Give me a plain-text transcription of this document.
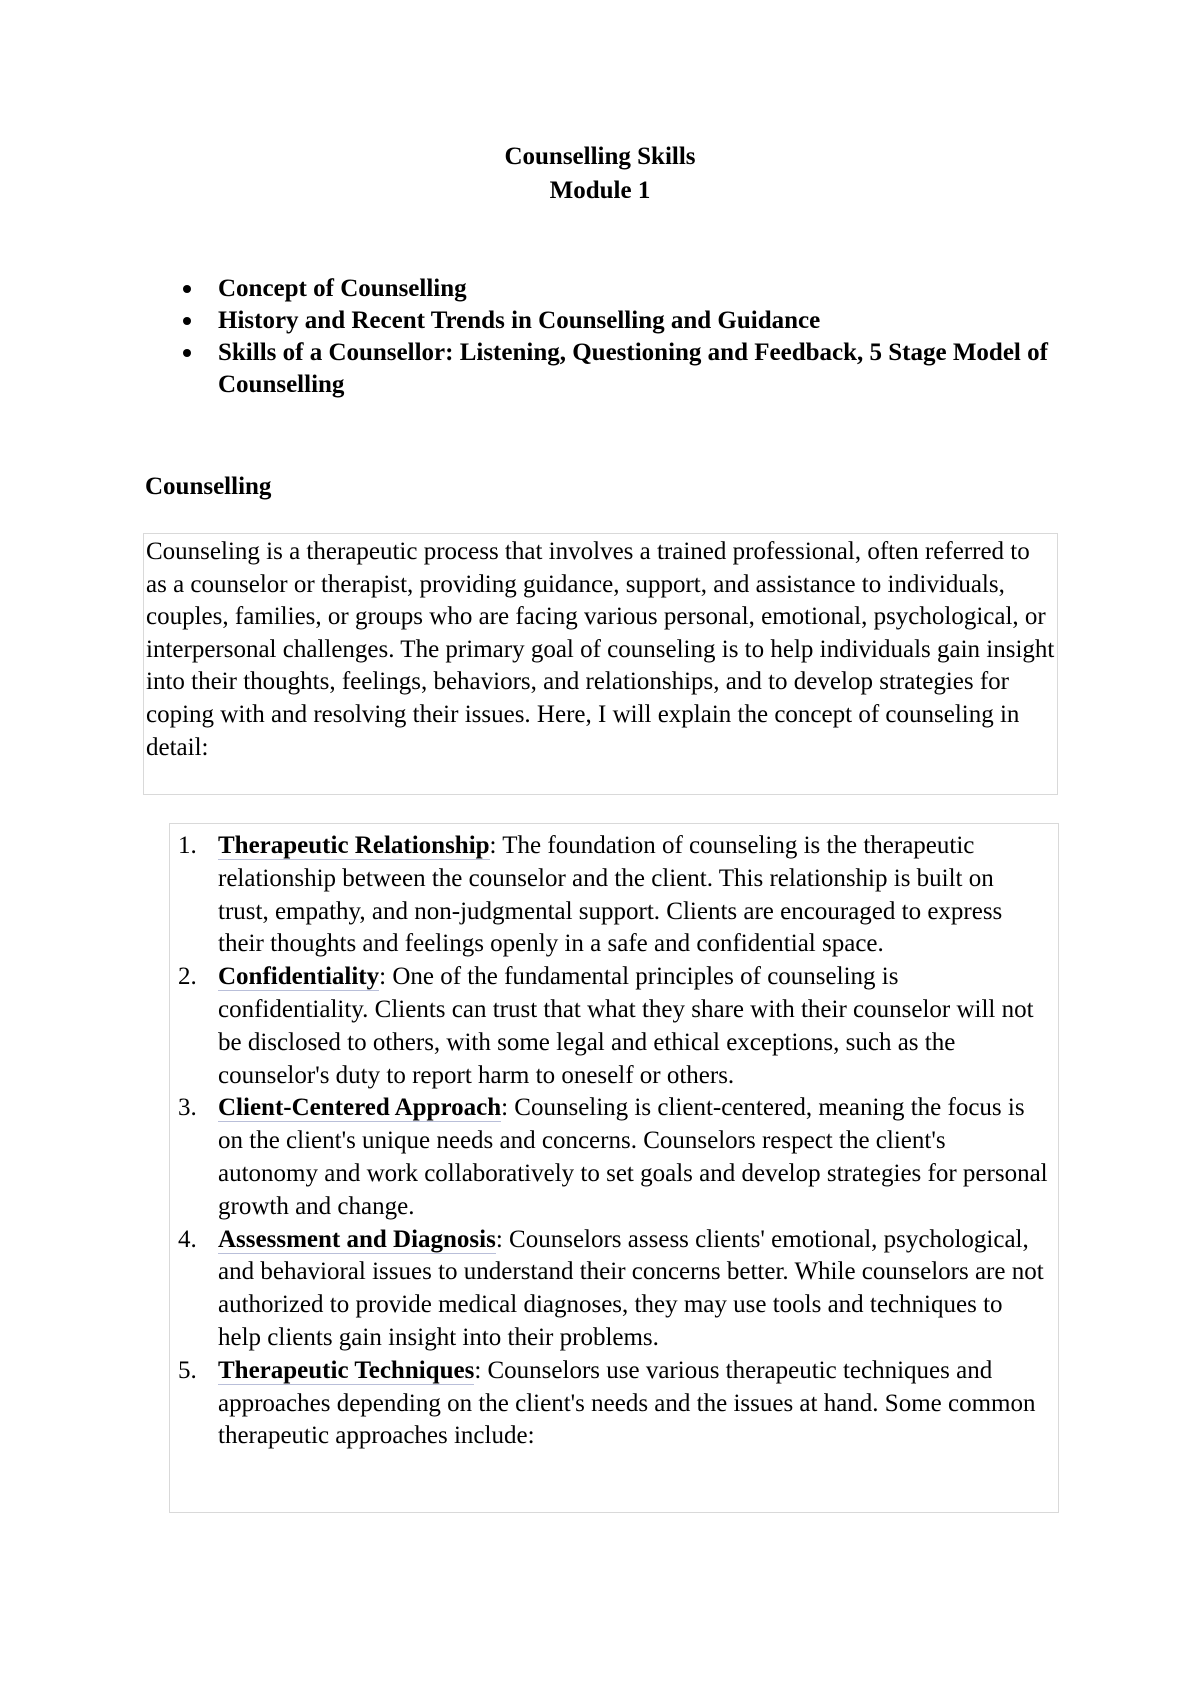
Counselling Skills
Module 1
Concept of Counselling
History and Recent Trends in Counselling and Guidance
Skills of a Counsellor: Listening, Questioning and Feedback, 5 Stage Model of Counselling
Counselling
Counseling is a therapeutic process that involves a trained professional, often referred to as a counselor or therapist, providing guidance, support, and assistance to individuals, couples, families, or groups who are facing various personal, emotional, psychological, or interpersonal challenges. The primary goal of counseling is to help individuals gain insight into their thoughts, feelings, behaviors, and relationships, and to develop strategies for coping with and resolving their issues. Here, I will explain the concept of counseling in detail:
1. Therapeutic Relationship: The foundation of counseling is the therapeutic relationship between the counselor and the client. This relationship is built on trust, empathy, and non-judgmental support. Clients are encouraged to express their thoughts and feelings openly in a safe and confidential space.
2. Confidentiality: One of the fundamental principles of counseling is confidentiality. Clients can trust that what they share with their counselor will not be disclosed to others, with some legal and ethical exceptions, such as the counselor's duty to report harm to oneself or others.
3. Client-Centered Approach: Counseling is client-centered, meaning the focus is on the client's unique needs and concerns. Counselors respect the client's autonomy and work collaboratively to set goals and develop strategies for personal growth and change.
4. Assessment and Diagnosis: Counselors assess clients' emotional, psychological, and behavioral issues to understand their concerns better. While counselors are not authorized to provide medical diagnoses, they may use tools and techniques to help clients gain insight into their problems.
5. Therapeutic Techniques: Counselors use various therapeutic techniques and approaches depending on the client's needs and the issues at hand. Some common therapeutic approaches include:
